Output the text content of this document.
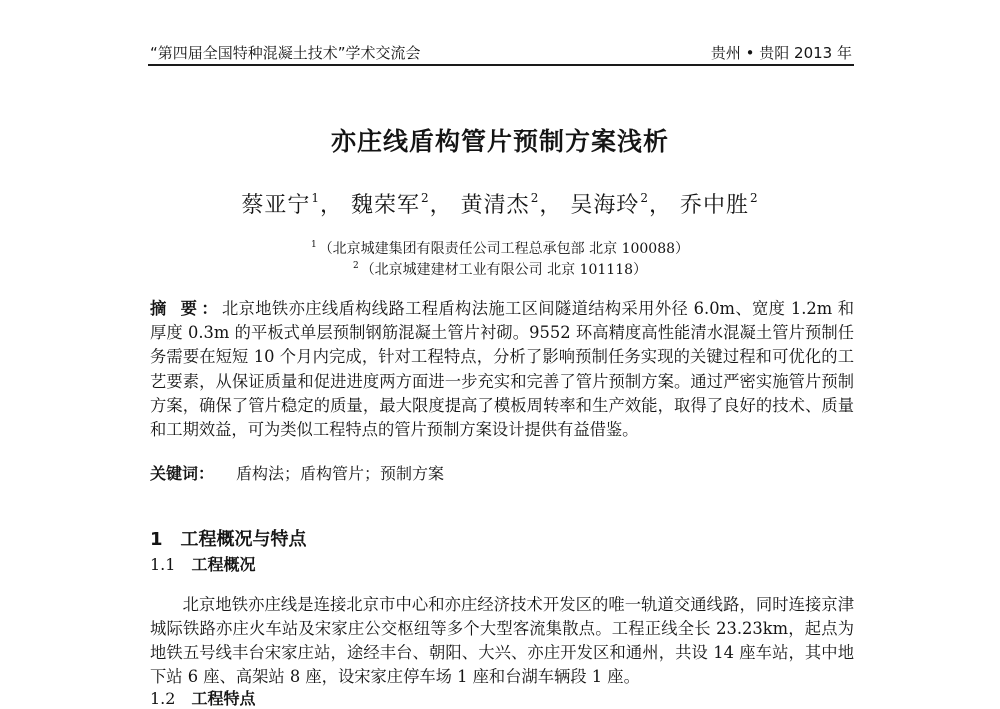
“第四届全国特种混凝土技术”学术交流会	贵州 • 贵阳 2013 年
亦庄线盾构管片预制方案浅析
蔡亚宁$^1$， 魏荣军$^2$， 黄清杰$^2$， 吴海玲$^2$， 乔中胜$^2$
$^1$ （北京城建集团有限责任公司工程总承包部 北京 100088）
$^2$ （北京城建建材工业有限公司 北京 101118）
摘 要：北京地铁亦庄线盾构线路工程盾构法施工区间隧道结构采用外径 6.0m、宽度 1.2m 和厚度 0.3m 的平板式单层预制钢筋混凝土管片衬砌。9552 环高精度高性能清水混凝土管片预制任务需要在短短 10 个月内完成，针对工程特点，分析了影响预制任务实现的关键过程和可优化的工艺要素，从保证质量和促进进度两方面进一步充实和完善了管片预制方案。通过严密实施管片预制方案，确保了管片稳定的质量，最大限度提高了模板周转率和生产效能，取得了良好的技术、质量和工期效益，可为类似工程特点的管片预制方案设计提供有益借鉴。
关键词： 盾构法；盾构管片；预制方案
1 工程概况与特点
1.1 工程概况
北京地铁亦庄线是连接北京市中心和亦庄经济技术开发区的唯一轨道交通线路，同时连接京津城际铁路亦庄火车站及宋家庄公交枢纽等多个大型客流集散点。工程正线全长 23.23km，起点为地铁五号线丰台宋家庄站，途经丰台、朝阳、大兴、亦庄开发区和通州，共设 14 座车站，其中地下站 6 座、高架站 8 座，设宋家庄停车场 1 座和台湖车辆段 1 座。
1.2 工程特点
